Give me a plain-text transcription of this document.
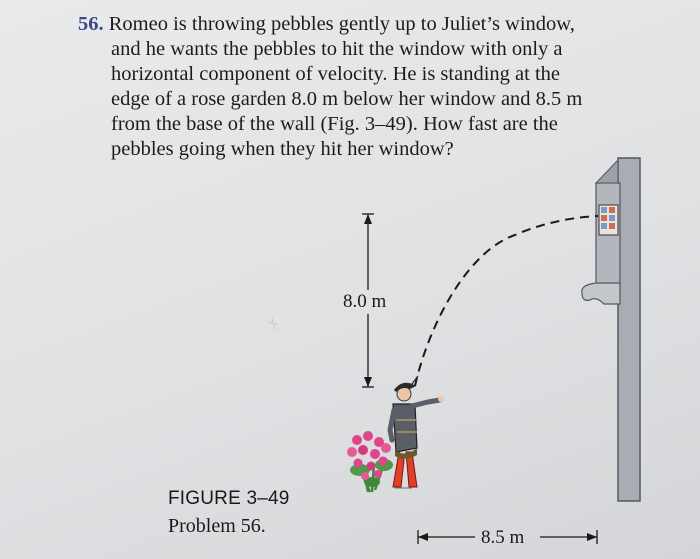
56. Romeo is throwing pebbles gently up to Juliet’s window,
and he wants the pebbles to hit the window with only a
horizontal component of velocity. He is standing at the
edge of a rose garden 8.0 m below her window and 8.5 m
from the base of the wall (Fig. 3–49). How fast are the
pebbles going when they hit her window?
8.0 m
8.5 m
FIGURE 3–49
Problem 56.
